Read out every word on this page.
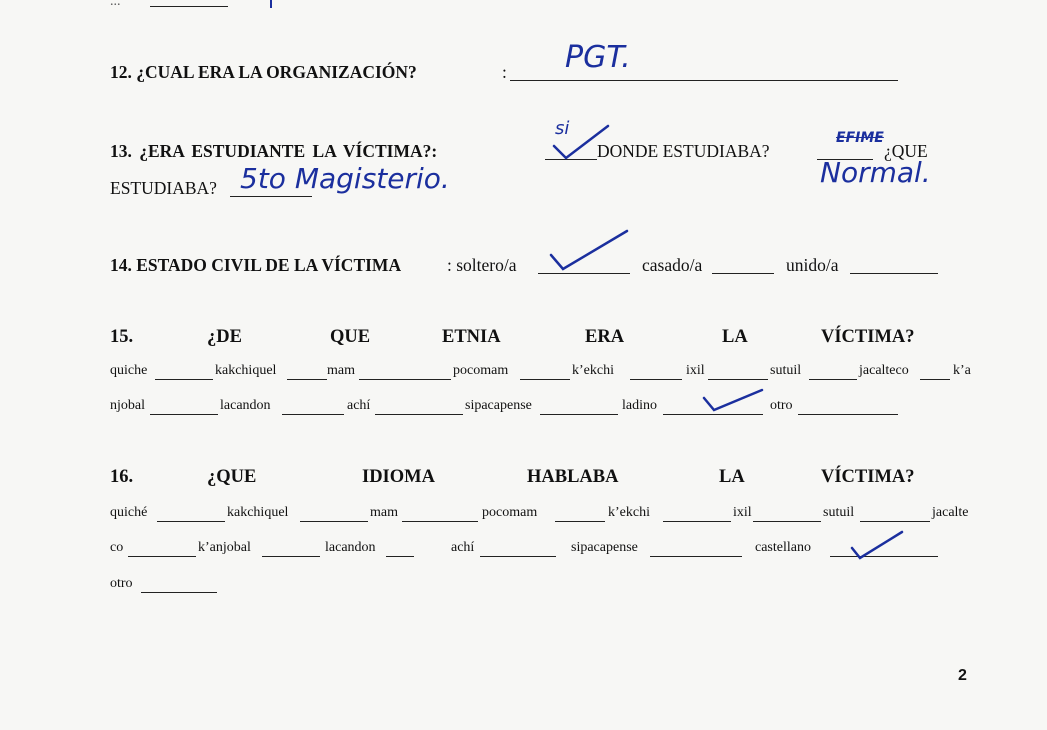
...
12. ¿CUAL ERA LA ORGANIZACIÓN?	: PGT.
13. ¿ERA ESTUDIANTE LA VÍCTIMA?:
si
DONDE ESTUDIABA?	¿QUE
EFIME
Normal.
ESTUDIABA? 5to Magisterio.
14. ESTADO CIVIL DE LA VÍCTIMA	: soltero/a	casado/a	unido/a
15.	¿DE	QUE	ETNIA	ERA	LA	VÍCTIMA?
quiche	kakchiquel	mam	pocomam	k’ekchi	ixil	sutuil	jacalteco	k’a
njobal	lacandon	achí	sipacapense	ladino	otro
16.	¿QUE	IDIOMA	HABLABA	LA	VÍCTIMA?
quiché	kakchiquel	mam	pocomam	k’ekchi	ixil	sutuil	jacalte
co	k’anjobal	lacandon	achí	sipacapense	castellano
otro
2
